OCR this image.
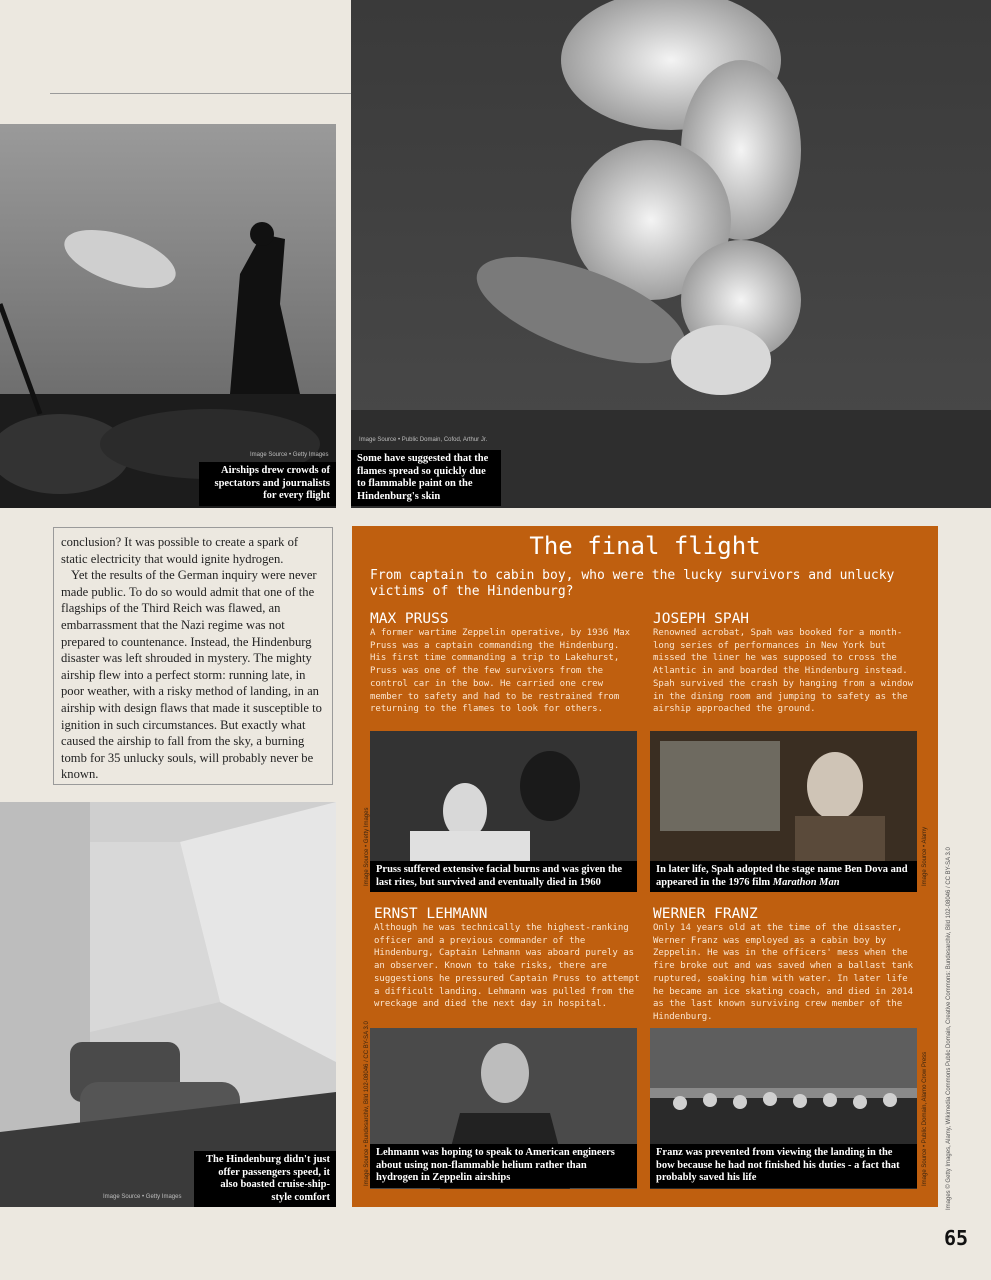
Image Source • Getty Images
Airships drew crowds of spectators and journalists for every flight
Image Source • Public Domain, Cofod, Arthur Jr.
Some have suggested that the flames spread so quickly due to flammable paint on the Hindenburg's skin

conclusion? It was possible to create a spark of static electricity that would ignite hydrogen.

Yet the results of the German inquiry were never made public. To do so would admit that one of the flagships of the Third Reich was flawed, an embarrassment that the Nazi regime was not prepared to countenance. Instead, the Hindenburg disaster was left shrouded in mystery. The mighty airship flew into a perfect storm: running late, in poor weather, with a risky method of landing, in an airship with design flaws that made it susceptible to ignition in such circumstances. But exactly what caused the airship to fall from the sky, a burning tomb for 35 unlucky souls, will probably never be known.

Image Source • Getty Images
The Hindenburg didn't just offer passengers speed, it also boasted cruise-ship-style comfort
The final flight
From captain to cabin boy, who were the lucky survivors and unlucky victims of the Hindenburg?
MAX PRUSS

A former wartime Zeppelin operative, by 1936 Max Pruss was a captain commanding the Hindenburg. His first time commanding a trip to Lakehurst, Pruss was one of the few survivors from the control car in the bow. He carried one crew member to safety and had to be restrained from returning to the flames to look for others.

Pruss suffered extensive facial burns and was given the last rites, but survived and eventually died in 1960
Image Source • Getty Images
JOSEPH SPAH

Renowned acrobat, Spah was booked for a month-long series of performances in New York but missed the liner he was supposed to cross the Atlantic in and boarded the Hindenburg instead. Spah survived the crash by hanging from a window in the dining room and jumping to safety as the airship approached the ground.

In later life, Spah adopted the stage name Ben Dova and appeared in the 1976 film Marathon Man	Image Source • Alamy
ERNST LEHMANN

Although he was technically the highest-ranking officer and a previous commander of the Hindenburg, Captain Lehmann was aboard purely as an observer. Known to take risks, there are suggestions he pressured Captain Pruss to attempt a difficult landing. Lehmann was pulled from the wreckage and died the next day in hospital.

Lehmann was hoping to speak to American engineers about using non-flammable helium rather than hydrogen in Zeppelin airships
Image Source • Bundesarchiv, Bild 102-08046 / CC BY-SA 3.0
WERNER FRANZ

Only 14 years old at the time of the disaster, Werner Franz was employed as a cabin boy by Zeppelin. He was in the officers' mess when the fire broke out and was saved when a ballast tank ruptured, soaking him with water. In later life he became an ice skating coach, and died in 2014 as the last known surviving crew member of the Hindenburg.

Franz was prevented from viewing the landing in the bow because he had not finished his duties - a fact that probably saved his life	Image Source • Public Domain, Alamo Crow Press	Images © Getty Images, Alamy, Wikimedia Commons Public Domain, Creative Commons: Bundesarchiv, Bild 102-08046 / CC BY-SA 3.0
65
